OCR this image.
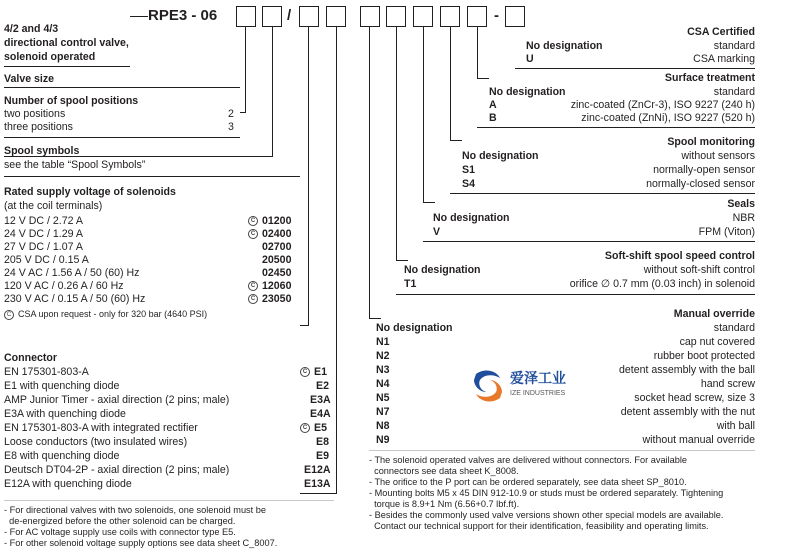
RPE3 - 06	/	-
4/2 and 4/3
directional control valve,
solenoid operated
Valve size
Number of spool positions
two positions	2
three positions	3
Spool symbols
see the table “Spool Symbols”
Rated supply voltage of solenoids
(at the coil terminals)
12 V DC / 2.72 A	C 01200
24 V DC / 1.29 A	C 02400
27 V DC / 1.07 A	02700
205 V DC / 0.15 A	20500
24 V AC / 1.56 A / 50 (60) Hz	02450
120 V AC / 0.26 A / 60 Hz	C 12060
230 V AC / 0.15 A / 50 (60) Hz	C 23050
C CSA upon request - only for 320 bar (4640 PSI)
Connector
EN 175301-803-A	C E1
E1 with quenching diode	E2
AMP Junior Timer - axial direction (2 pins; male)	E3A
E3A with quenching diode	E4A
EN 175301-803-A with integrated rectifier	C E5
Loose conductors (two insulated wires)	E8
E8 with quenching diode	E9
Deutsch DT04-2P - axial direction (2 pins; male)	E12A
E12A with quenching diode	E13A
- For directional valves with two solenoids, one solenoid must be
de-energized before the other solenoid can be charged.
- For AC voltage supply use coils with connector type E5.
- For other solenoid voltage supply options see data sheet C_8007.
CSA Certified
No designation	standard
U	CSA marking
Surface treatment
No designation	standard
A	zinc-coated (ZnCr-3), ISO 9227 (240 h)
B	zinc-coated (ZnNi), ISO 9227 (520 h)
Spool monitoring
No designation	without sensors
S1	normally-open sensor
S4	normally-closed sensor
Seals
No designation	NBR
V	FPM (Viton)
Soft-shift spool speed control
No designation	without soft-shift control
T1	orifice ∅ 0.7 mm (0.03 inch) in solenoid
Manual override
No designation	standard
N1	cap nut covered
N2	rubber boot protected
N3	detent assembly with the ball
N4	hand screw
N5	socket head screw, size 3
N7	detent assembly with the nut
N8	with ball
N9	without manual override
爱泽工业
IZE INDUSTRIES
- The solenoid operated valves are delivered without connectors. For available
connectors see data sheet K_8008.
- The orifice to the P port can be ordered separately, see data sheet SP_8010.
- Mounting bolts M5 x 45 DIN 912-10.9 or studs must be ordered separately. Tightening
torque is 8.9+1 Nm (6.56+0.7 lbf.ft).
- Besides the commonly used valve versions shown other special models are available.
Contact our technical support for their identification, feasibility and operating limits.
